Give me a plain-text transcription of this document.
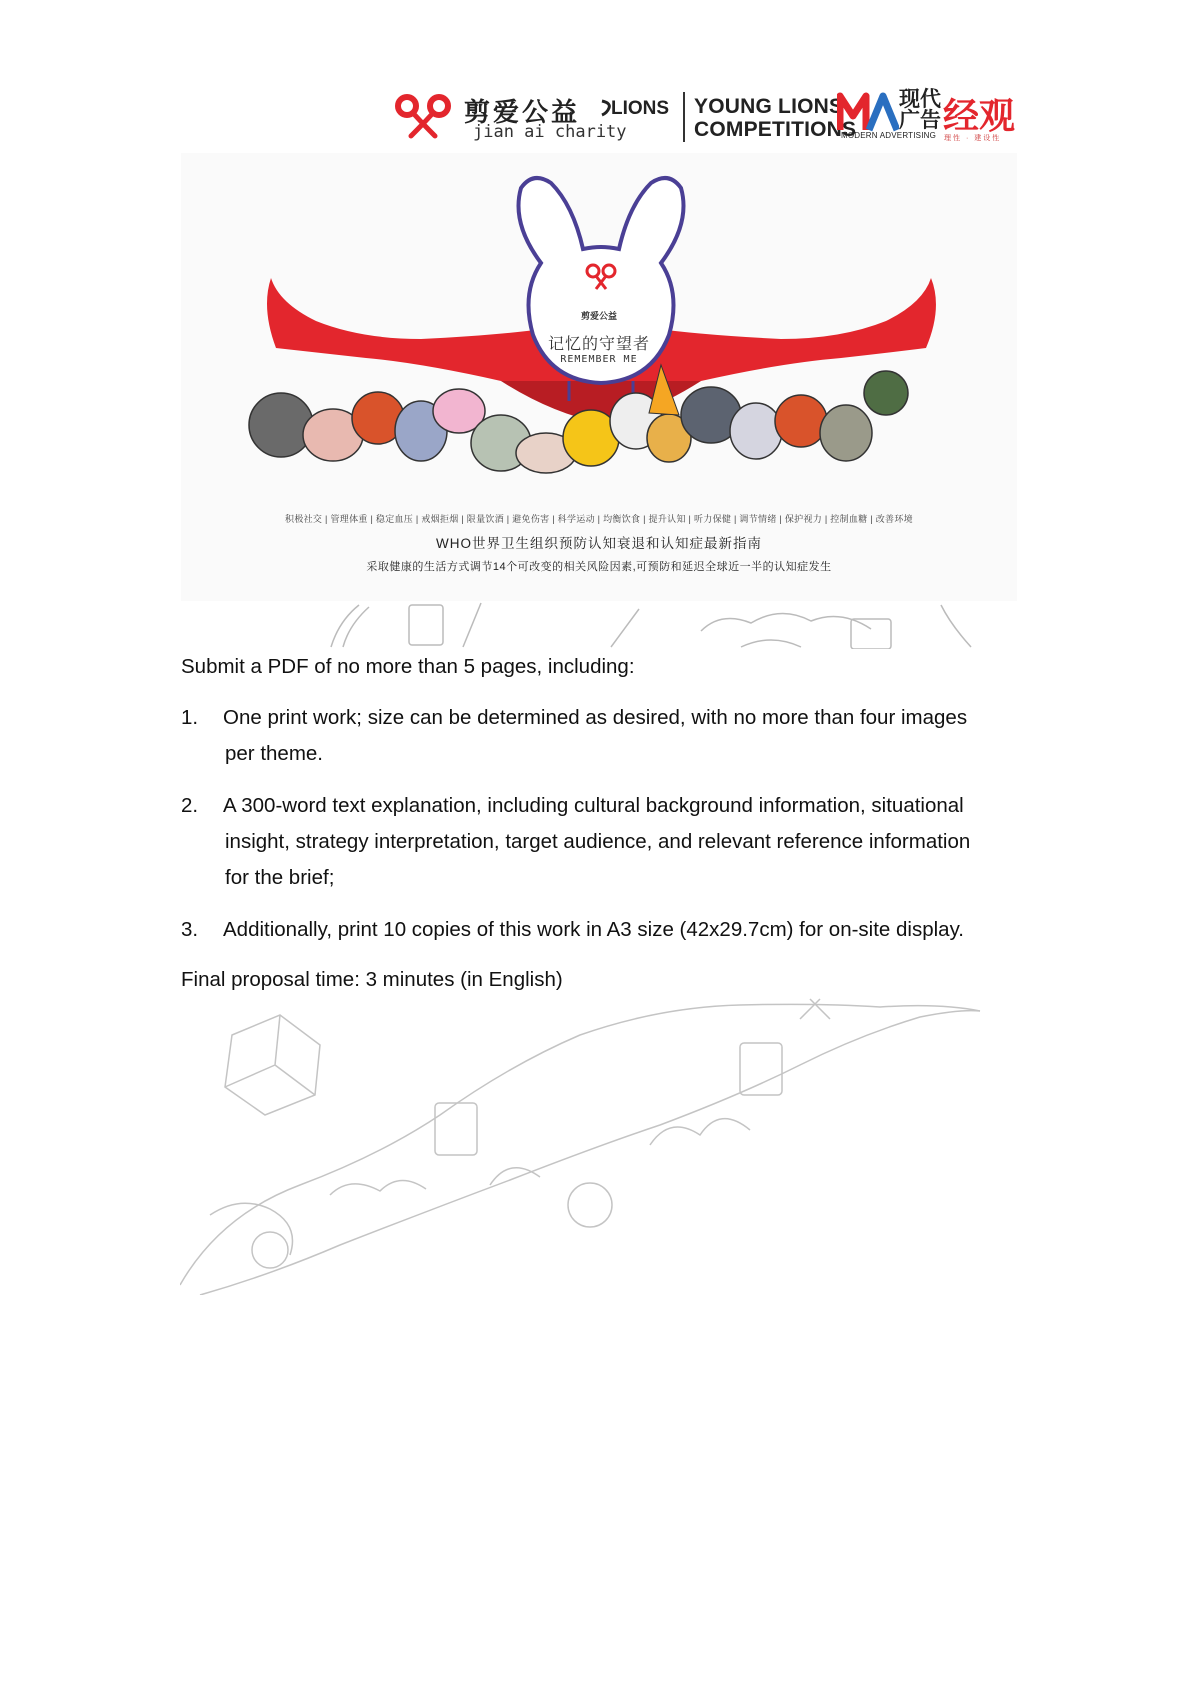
剪爱公益
jian ai charity
LIONS YOUNG LIONS
COMPETITIONS
现代广告
MODERN ADVERTISING 经观
理性 · 建设性
剪爱公益
记忆的守望者
REMEMBER ME
积极社交 | 管理体重 | 稳定血压 | 戒烟拒烟 | 限量饮酒 | 避免伤害 | 科学运动 | 均衡饮食 | 提升认知 | 听力保健 | 调节情绪 | 保护视力 | 控制血糖 | 改善环境
WHO世界卫生组织预防认知衰退和认知症最新指南
采取健康的生活方式调节14个可改变的相关风险因素,可预防和延迟全球近一半的认知症发生
Submit a PDF of no more than 5 pages, including:
1. One print work; size can be determined as desired, with no more than four images
per theme.
2. A 300-word text explanation, including cultural background information, situational
insight, strategy interpretation, target audience, and relevant reference information
for the brief;
3. Additionally, print 10 copies of this work in A3 size (42x29.7cm) for on-site display.
Final proposal time: 3 minutes (in English)
